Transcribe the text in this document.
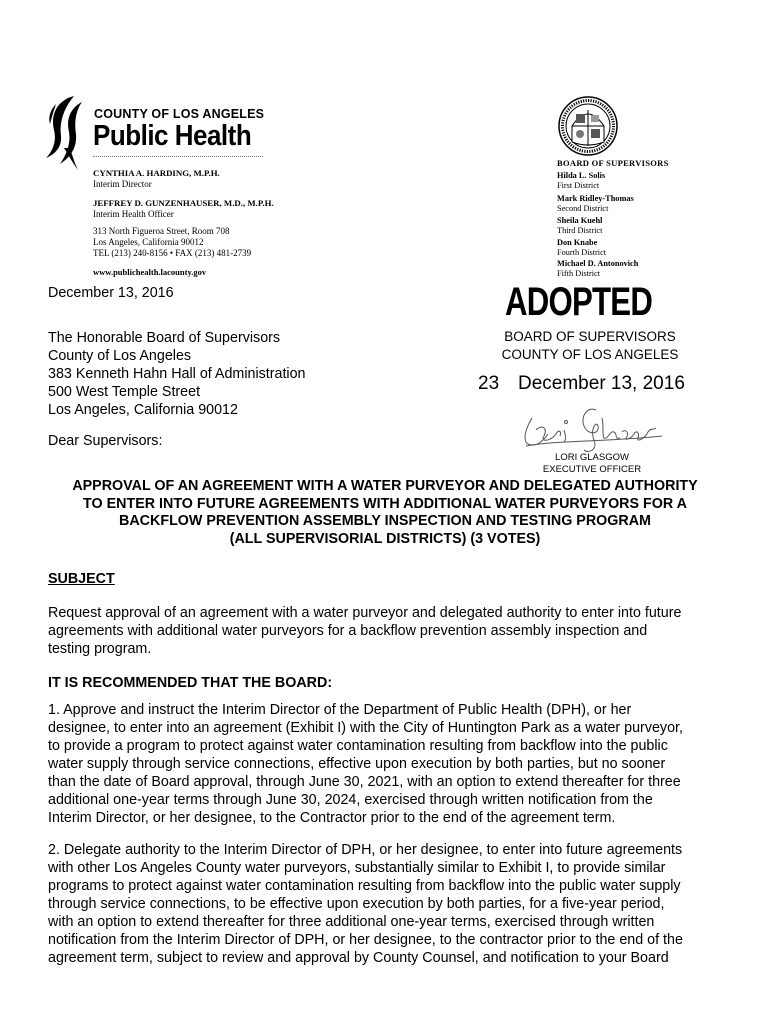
COUNTY OF LOS ANGELES
Public Health
CYNTHIA A. HARDING, M.P.H.
Interim Director
JEFFREY D. GUNZENHAUSER, M.D., M.P.H.
Interim Health Officer
313 North Figueroa Street, Room 708
Los Angeles, California 90012
TEL (213) 240-8156 • FAX (213) 481-2739
www.publichealth.lacounty.gov
BOARD OF SUPERVISORS
Hilda L. Solis
First District
Mark Ridley-Thomas
Second District
Sheila Kuehl
Third District
Don Knabe
Fourth District
Michael D. Antonovich
Fifth District
December 13, 2016	ADOPTED
BOARD OF SUPERVISORS
COUNTY OF LOS ANGELES
23 December 13, 2016
LORI GLASGOW
EXECUTIVE OFFICER
The Honorable Board of Supervisors
County of Los Angeles
383 Kenneth Hahn Hall of Administration
500 West Temple Street
Los Angeles, California 90012
Dear Supervisors:
APPROVAL OF AN AGREEMENT WITH A WATER PURVEYOR AND DELEGATED AUTHORITY
TO ENTER INTO FUTURE AGREEMENTS WITH ADDITIONAL WATER PURVEYORS FOR A
BACKFLOW PREVENTION ASSEMBLY INSPECTION AND TESTING PROGRAM
(ALL SUPERVISORIAL DISTRICTS) (3 VOTES)
SUBJECT
Request approval of an agreement with a water purveyor and delegated authority to enter into future
agreements with additional water purveyors for a backflow prevention assembly inspection and
testing program.
IT IS RECOMMENDED THAT THE BOARD:
1. Approve and instruct the Interim Director of the Department of Public Health (DPH), or her
designee, to enter into an agreement (Exhibit I) with the City of Huntington Park as a water purveyor,
to provide a program to protect against water contamination resulting from backflow into the public
water supply through service connections, effective upon execution by both parties, but no sooner
than the date of Board approval, through June 30, 2021, with an option to extend thereafter for three
additional one-year terms through June 30, 2024, exercised through written notification from the
Interim Director, or her designee, to the Contractor prior to the end of the agreement term.
2. Delegate authority to the Interim Director of DPH, or her designee, to enter into future agreements
with other Los Angeles County water purveyors, substantially similar to Exhibit I, to provide similar
programs to protect against water contamination resulting from backflow into the public water supply
through service connections, to be effective upon execution by both parties, for a five-year period,
with an option to extend thereafter for three additional one-year terms, exercised through written
notification from the Interim Director of DPH, or her designee, to the contractor prior to the end of the
agreement term, subject to review and approval by County Counsel, and notification to your Board
